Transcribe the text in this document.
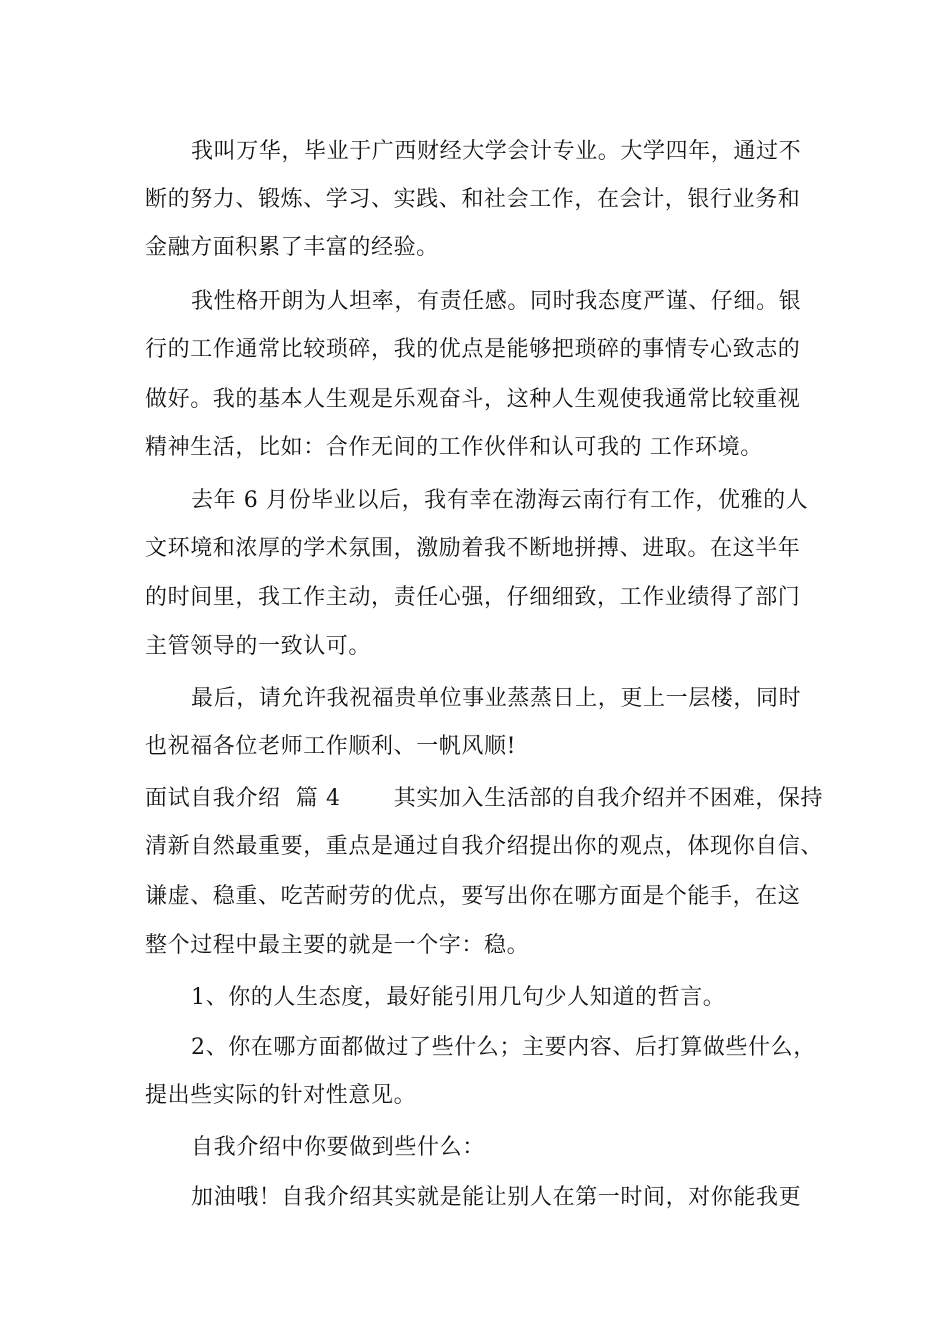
我叫万华，毕业于广西财经大学会计专业。大学四年，通过不
断的努力、锻炼、学习、实践、和社会工作，在会计，银行业务和
金融方面积累了丰富的经验。
我性格开朗为人坦率，有责任感。同时我态度严谨、仔细。银
行的工作通常比较琐碎，我的优点是能够把琐碎的事情专心致志的
做好。我的基本人生观是乐观奋斗，这种人生观使我通常比较重视
精神生活，比如：合作无间的工作伙伴和认可我的 工作环境。
去年 6 月份毕业以后，我有幸在渤海云南行有工作，优雅的人
文环境和浓厚的学术氛围，激励着我不断地拼搏、进取。在这半年
的时间里，我工作主动，责任心强，仔细细致，工作业绩得了部门
主管领导的一致认可。
最后，请允许我祝福贵单位事业蒸蒸日上，更上一层楼，同时
也祝福各位老师工作顺利、一帆风顺!
面试自我介绍  篇 4       其实加入生活部的自我介绍并不困难，保持
清新自然最重要，重点是通过自我介绍提出你的观点，体现你自信、
谦虚、稳重、吃苦耐劳的优点，要写出你在哪方面是个能手，在这
整个过程中最主要的就是一个字：稳。
1、你的人生态度，最好能引用几句少人知道的哲言。
2、你在哪方面都做过了些什么；主要内容、后打算做些什么，
提出些实际的针对性意见。
自我介绍中你要做到些什么：
加油哦！自我介绍其实就是能让别人在第一时间，对你能我更
